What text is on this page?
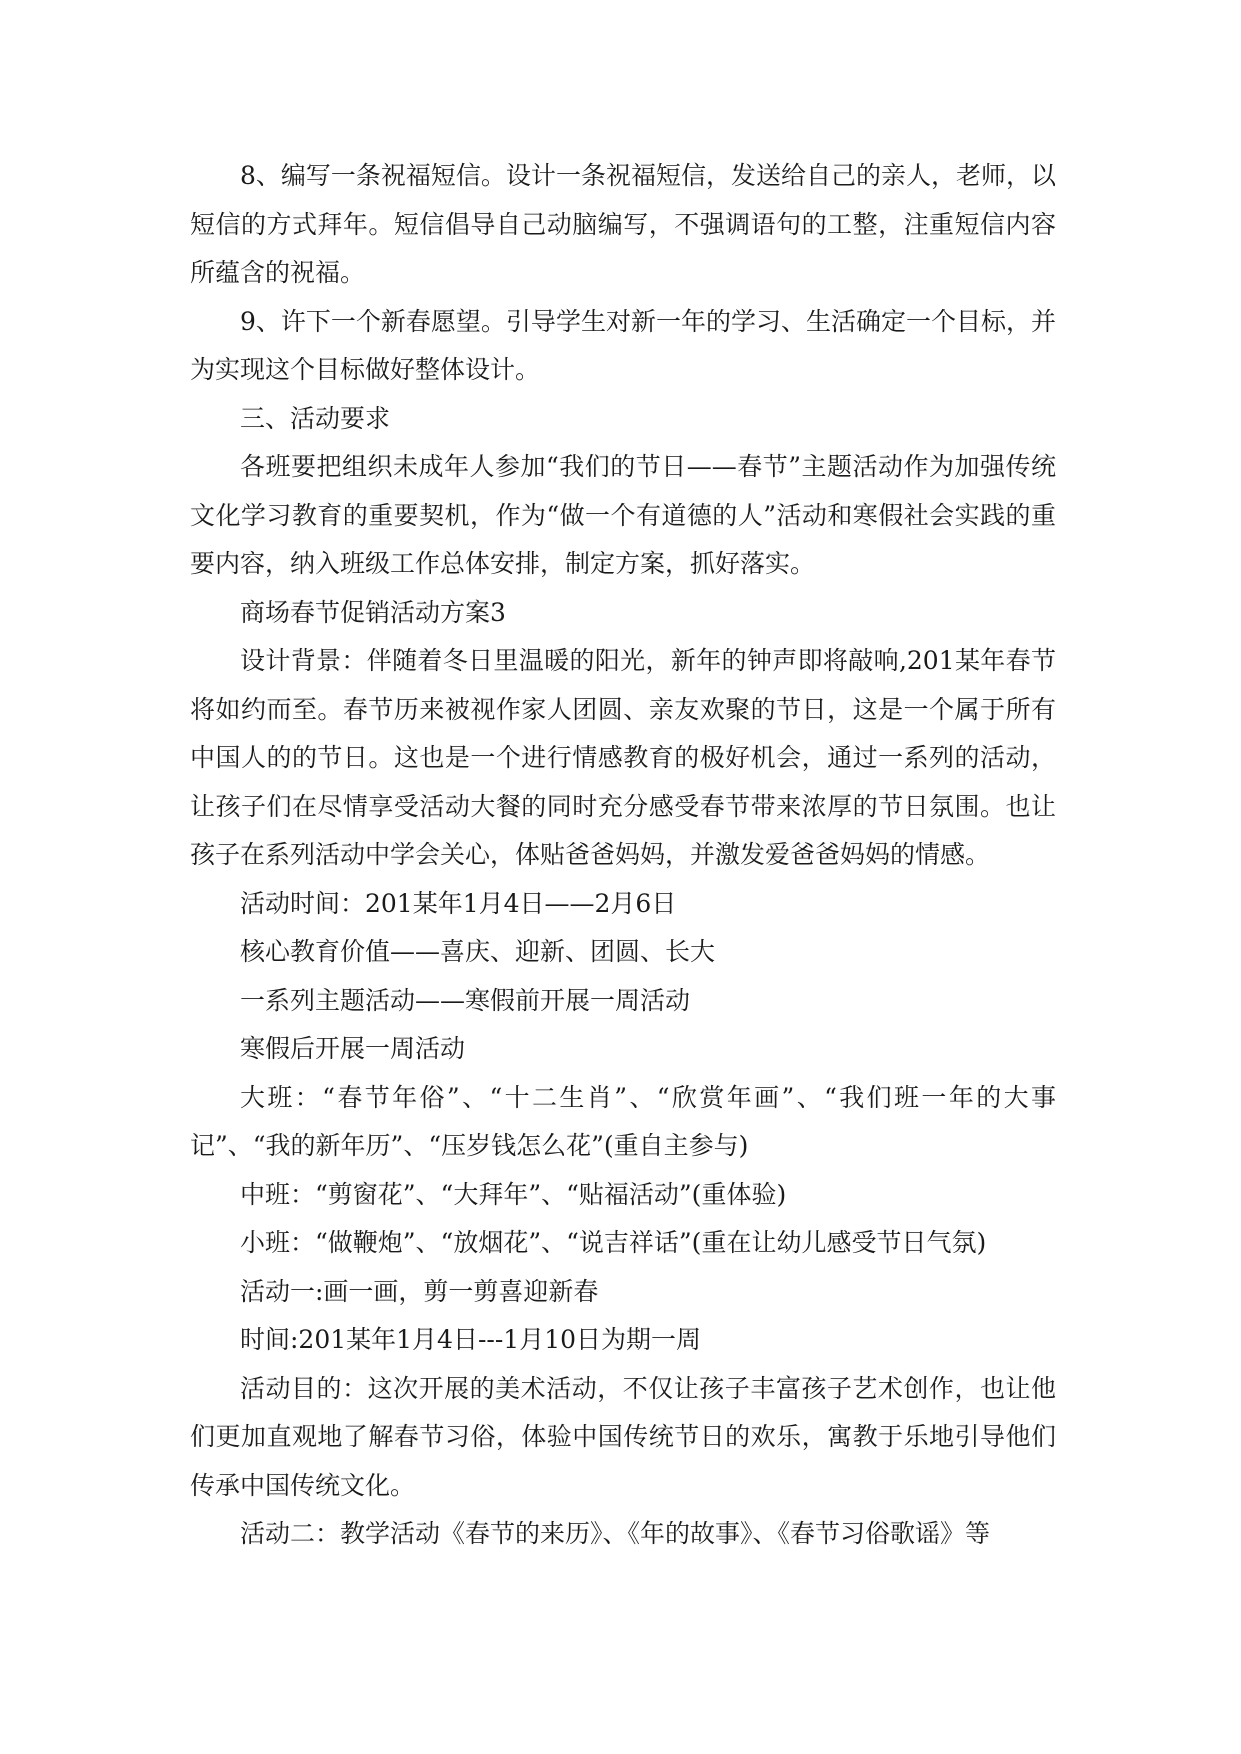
8、编写一条祝福短信。设计一条祝福短信，发送给自己的亲人，老师，以短信的方式拜年。短信倡导自己动脑编写，不强调语句的工整，注重短信内容所蕴含的祝福。

9、许下一个新春愿望。引导学生对新一年的学习、生活确定一个目标，并为实现这个目标做好整体设计。

三、活动要求

各班要把组织未成年人参加“我们的节日——春节”主题活动作为加强传统文化学习教育的重要契机，作为“做一个有道德的人”活动和寒假社会实践的重要内容，纳入班级工作总体安排，制定方案，抓好落实。

商场春节促销活动方案3

设计背景：伴随着冬日里温暖的阳光，新年的钟声即将敲响,201某年春节将如约而至。春节历来被视作家人团圆、亲友欢聚的节日，这是一个属于所有中国人的的节日。这也是一个进行情感教育的极好机会，通过一系列的活动，让孩子们在尽情享受活动大餐的同时充分感受春节带来浓厚的节日氛围。也让孩子在系列活动中学会关心，体贴爸爸妈妈，并激发爱爸爸妈妈的情感。

活动时间：201某年1月4日——2月6日

核心教育价值——喜庆、迎新、团圆、长大

一系列主题活动——寒假前开展一周活动

寒假后开展一周活动

大班：“春节年俗”、“十二生肖”、“欣赏年画”、“我们班一年的大事记”、“我的新年历”、“压岁钱怎么花”(重自主参与)

中班：“剪窗花”、“大拜年”、“贴福活动”(重体验)

小班：“做鞭炮”、“放烟花”、“说吉祥话”(重在让幼儿感受节日气氛)

活动一:画一画，剪一剪喜迎新春

时间:201某年1月4日---1月10日为期一周

活动目的：这次开展的美术活动，不仅让孩子丰富孩子艺术创作，也让他们更加直观地了解春节习俗，体验中国传统节日的欢乐，寓教于乐地引导他们传承中国传统文化。

活动二：教学活动《春节的来历》、《年的故事》、《春节习俗歌谣》等
